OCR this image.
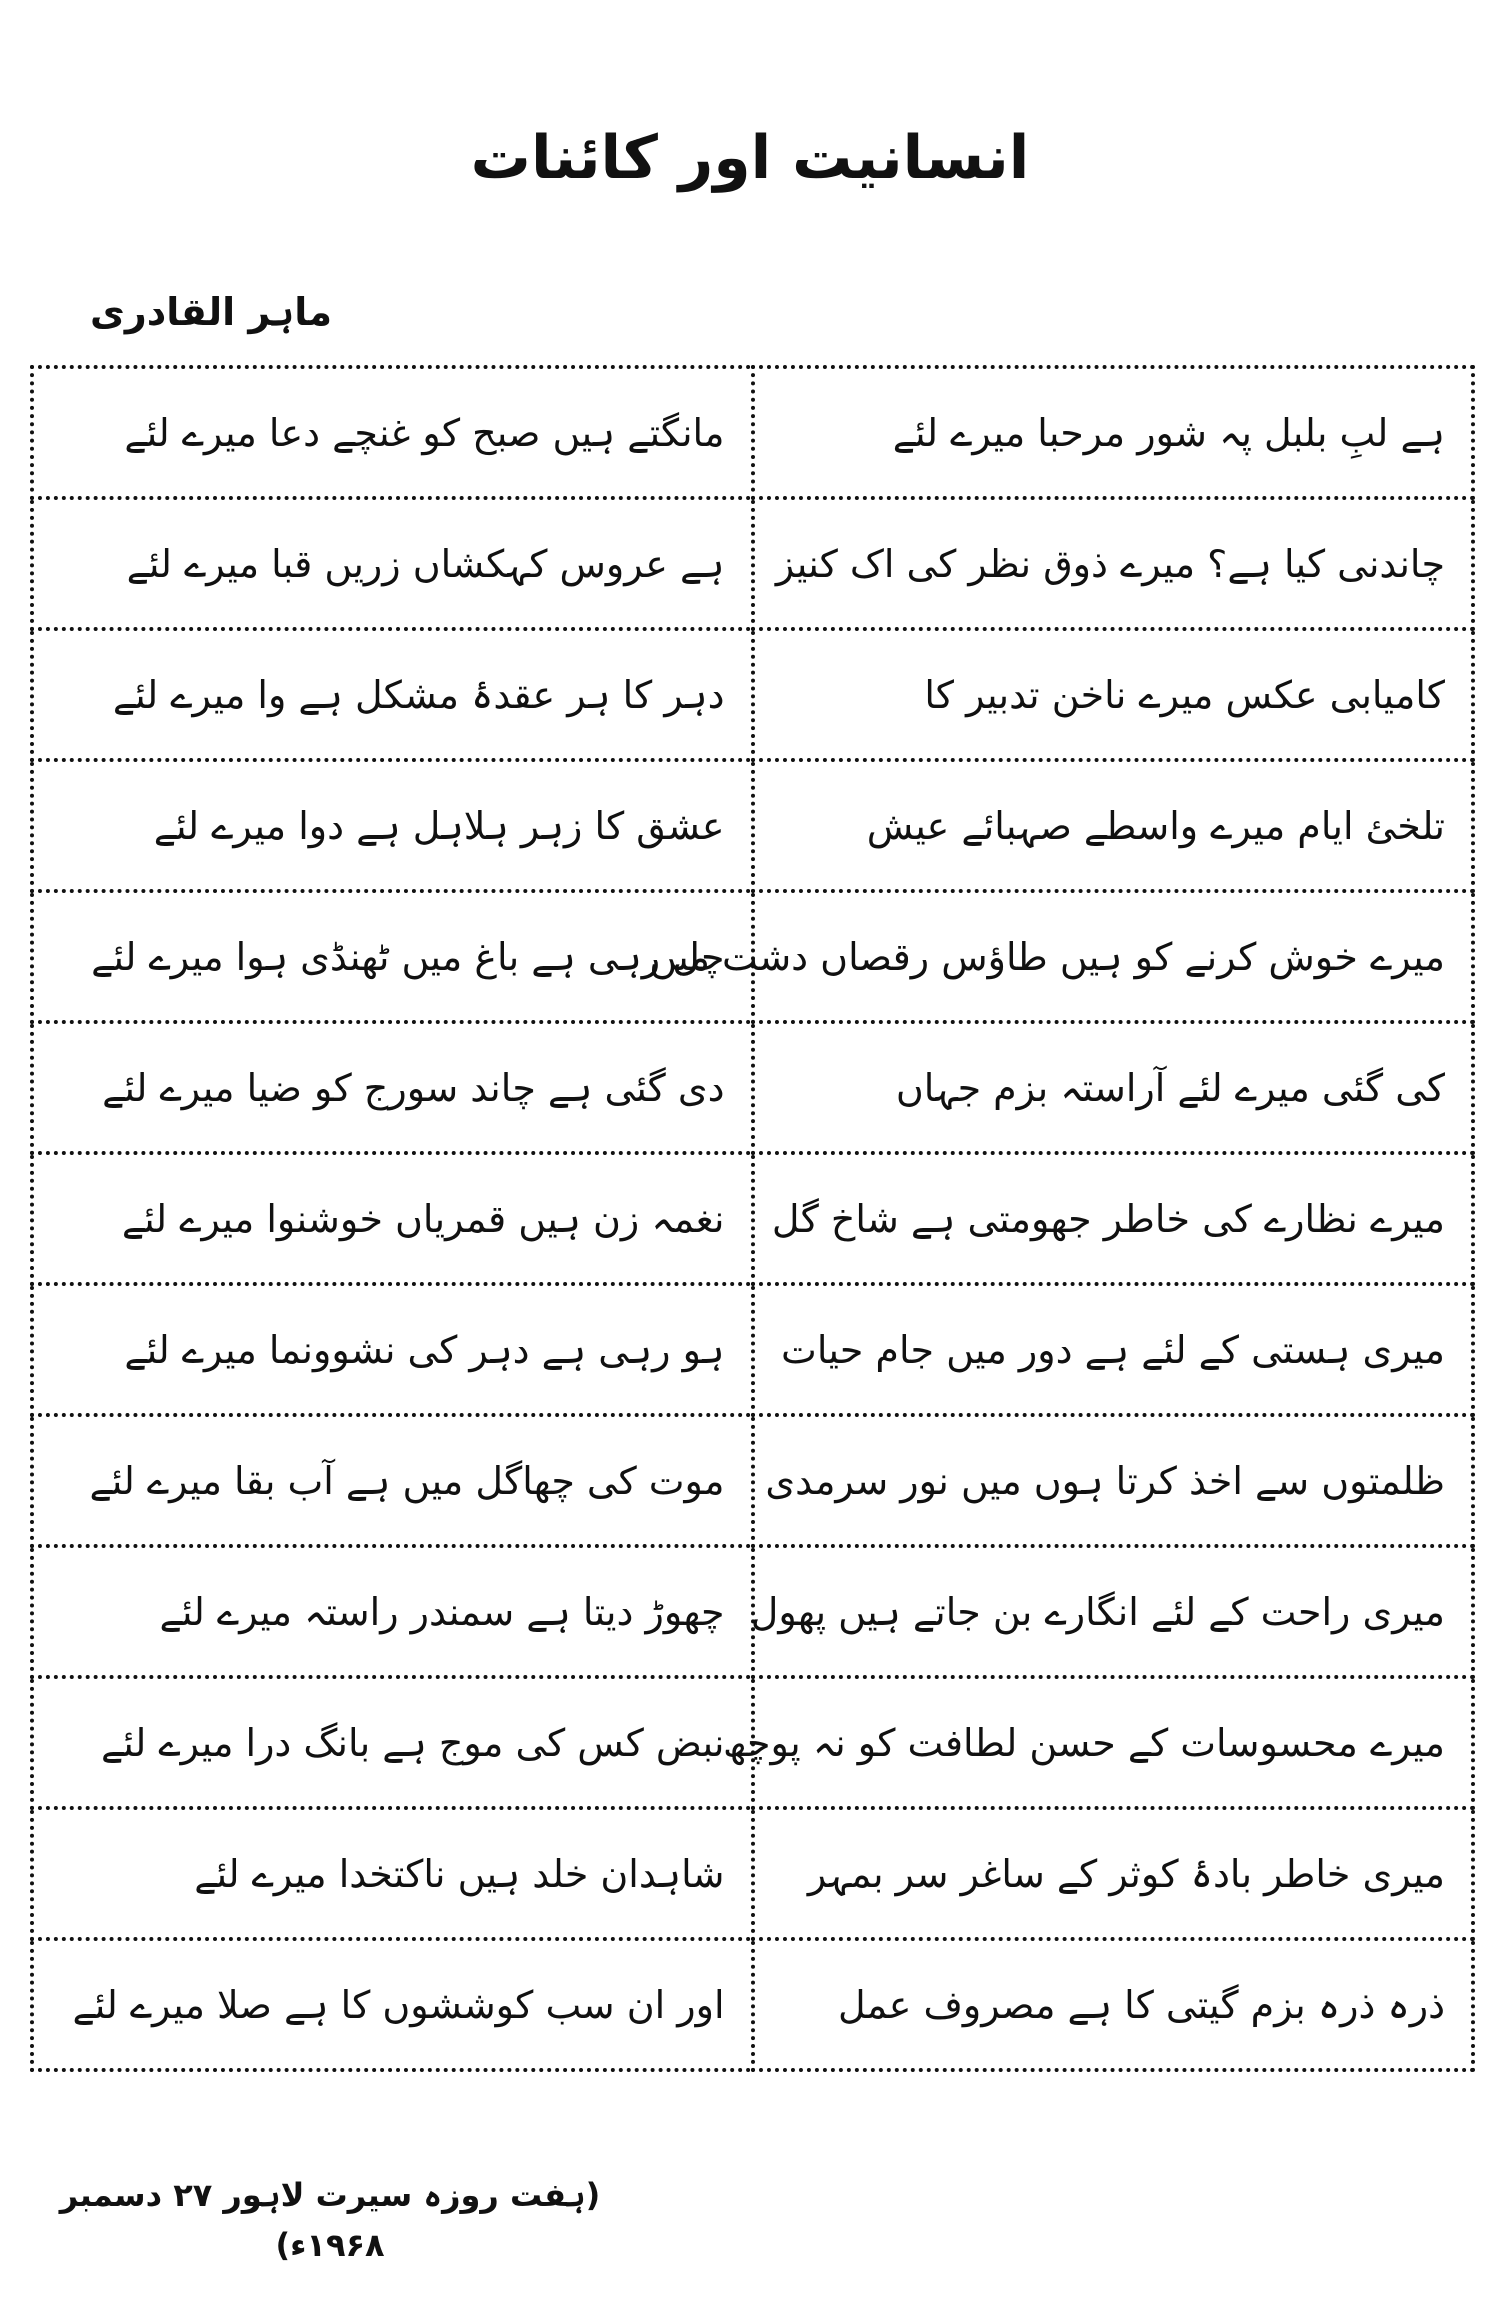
انسانیت اور کائنات
ماہر القادری
ہے لبِ بلبل پہ شور مرحبا میرے لئے	مانگتے ہیں صبح کو غنچے دعا میرے لئے
چاندنی کیا ہے؟ میرے ذوق نظر کی اک کنیز	ہے عروس کہکشاں زریں قبا میرے لئے
کامیابی عکس میرے ناخن تدبیر کا	دہر کا ہر عقدۂ مشکل ہے وا میرے لئے
تلخئ ایام میرے واسطے صہبائے عیش	عشق کا زہر ہلاہل ہے دوا میرے لئے
میرے خوش کرنے کو ہیں طاؤس رقصاں دشت میں	چل رہی ہے باغ میں ٹھنڈی ہوا میرے لئے
کی گئی میرے لئے آراستہ بزم جہاں	دی گئی ہے چاند سورج کو ضیا میرے لئے
میرے نظارے کی خاطر جھومتی ہے شاخ گل	نغمہ زن ہیں قمریاں خوشنوا میرے لئے
میری ہستی کے لئے ہے دور میں جام حیات	ہو رہی ہے دہر کی نشوونما میرے لئے
ظلمتوں سے اخذ کرتا ہوں میں نور سرمدی	موت کی چھاگل میں ہے آب بقا میرے لئے
میری راحت کے لئے انگارے بن جاتے ہیں پھول	چھوڑ دیتا ہے سمندر راستہ میرے لئے
میرے محسوسات کے حسن لطافت کو نہ پوچھ	نبض کس کی موج ہے بانگ درا میرے لئے
میری خاطر بادۂ کوثر کے ساغر سر بمہر	شاہدان خلد ہیں ناکتخدا میرے لئے
ذرہ ذرہ بزم گیتی کا ہے مصروف عمل	اور ان سب کوششوں کا ہے صلا میرے لئے
(ہفت روزہ سیرت لاہور ۲۷ دسمبر ۱۹۶۸ء)
